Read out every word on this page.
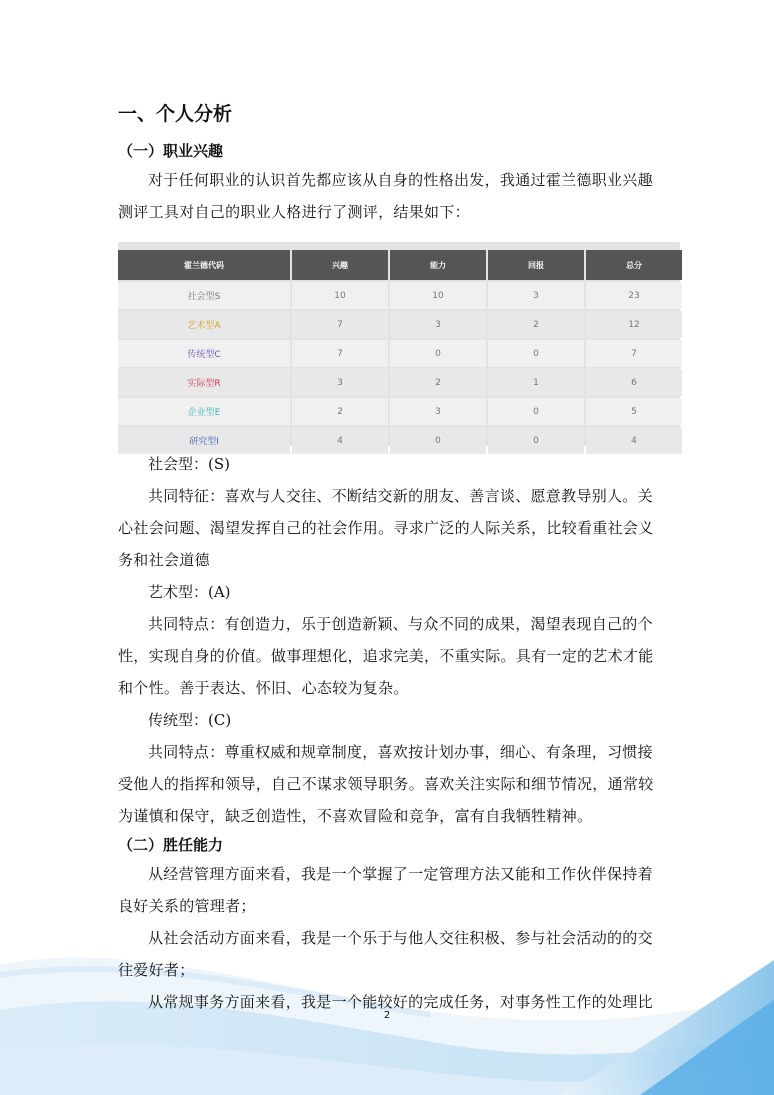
一、个人分析
（一）职业兴趣

对于任何职业的认识首先都应该从自身的性格出发，我通过霍兰德职业兴趣测评工具对自己的职业人格进行了测评，结果如下：

霍兰德代码	兴趣	能力	回报	总分
社会型S	10	10	3	23
艺术型A	7	3	2	12
传统型C	7	0	0	7
实际型R	3	2	1	6
企业型E	2	3	0	5
研究型I	4	0	0	4

社会型：(S)

共同特征：喜欢与人交往、不断结交新的朋友、善言谈、愿意教导别人。关心社会问题、渴望发挥自己的社会作用。寻求广泛的人际关系，比较看重社会义务和社会道德

艺术型：(A)

共同特点：有创造力，乐于创造新颖、与众不同的成果，渴望表现自己的个性，实现自身的价值。做事理想化，追求完美，不重实际。具有一定的艺术才能和个性。善于表达、怀旧、心态较为复杂。

传统型：(C)

共同特点：尊重权威和规章制度，喜欢按计划办事，细心、有条理，习惯接受他人的指挥和领导，自己不谋求领导职务。喜欢关注实际和细节情况，通常较为谨慎和保守，缺乏创造性，不喜欢冒险和竞争，富有自我牺牲精神。

（二）胜任能力

从经营管理方面来看，我是一个掌握了一定管理方法又能和工作伙伴保持着良好关系的管理者；

从社会活动方面来看，我是一个乐于与他人交往积极、参与社会活动的的交往爱好者；

从常规事务方面来看，我是一个能较好的完成任务，对事务性工作的处理比

2
